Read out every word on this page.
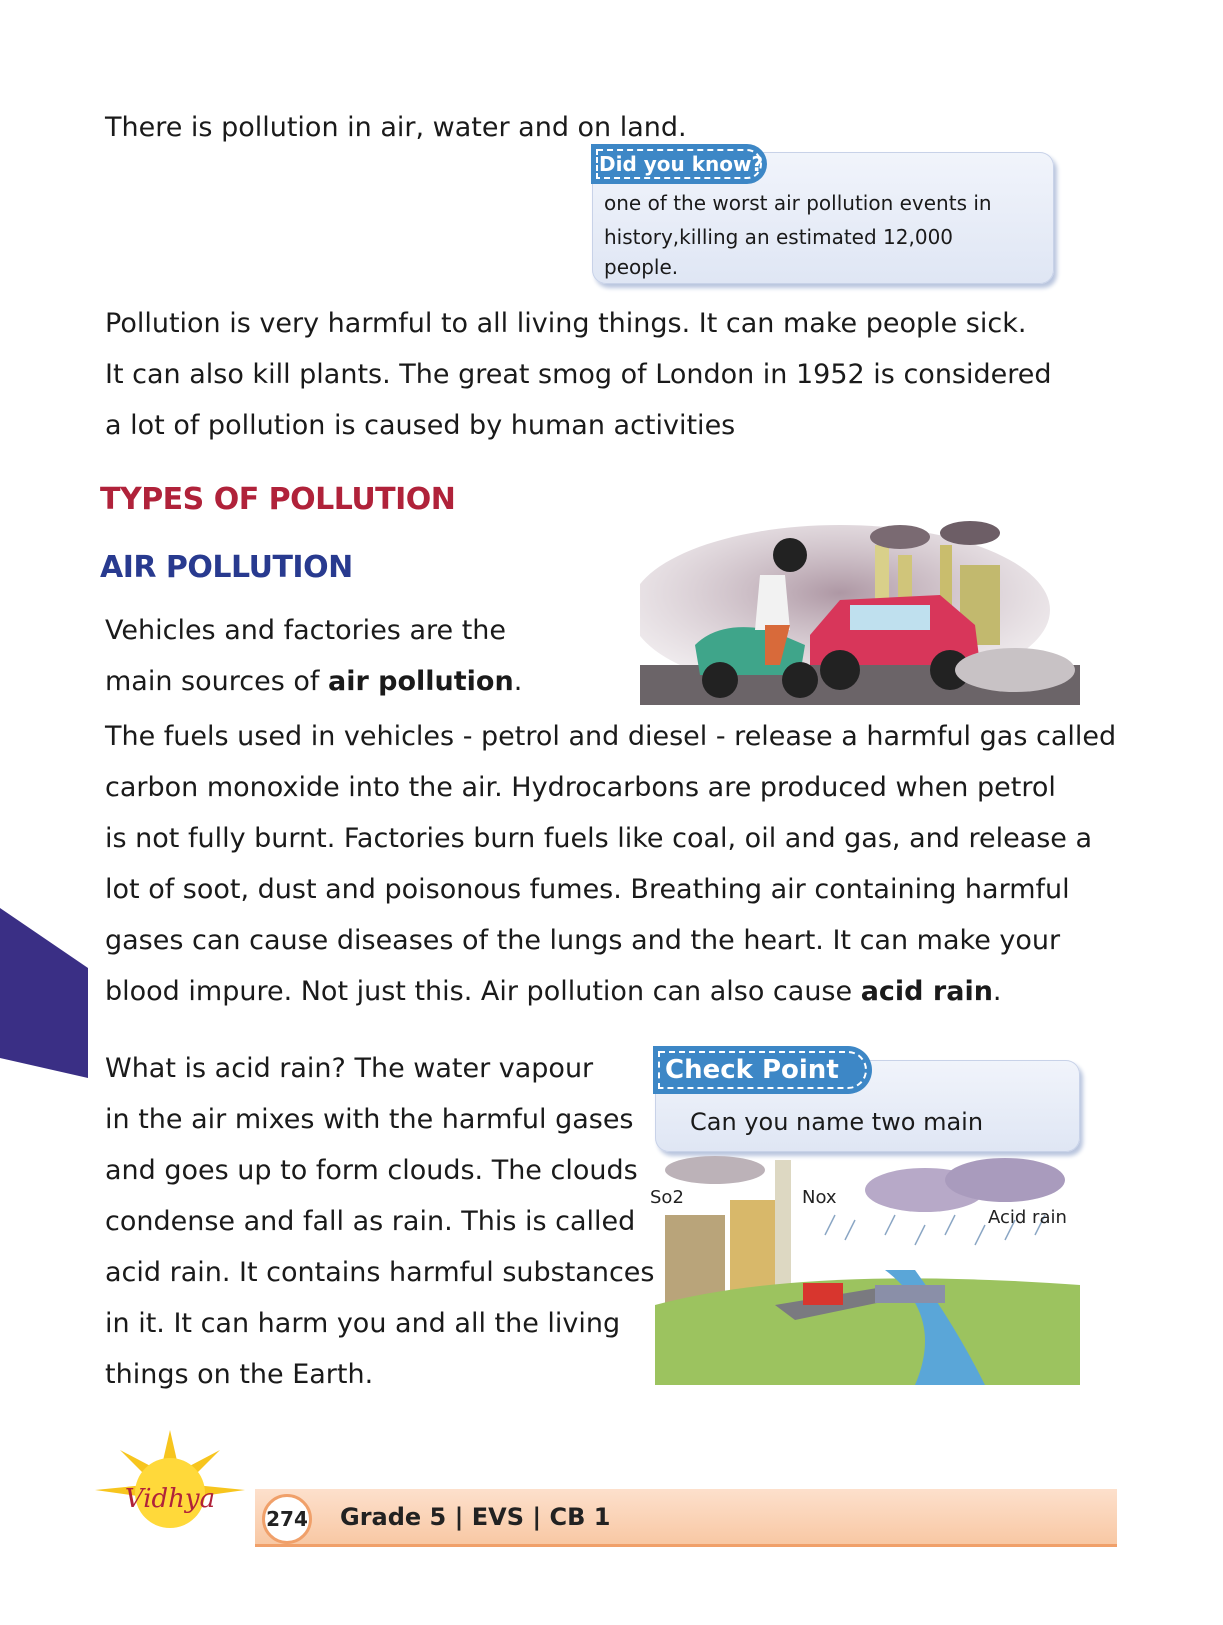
There is pollution in air, water and on land.

Did you know?
one of the worst air pollution events in
history,killing an estimated 12,000
people.
Pollution is very harmful to all living things. It can make people sick.
It can also kill plants. The great smog of London in 1952 is considered
a lot of pollution is caused by human activities
TYPES OF POLLUTION
AIR POLLUTION
Vehicles and factories are the
main sources of air pollution.
The fuels used in vehicles - petrol and diesel - release a harmful gas called
carbon monoxide into the air. Hydrocarbons are produced when petrol
is not fully burnt. Factories burn fuels like coal, oil and gas, and release a
lot of soot, dust and poisonous fumes. Breathing air containing harmful
gases can cause diseases of the lungs and the heart. It can make your
blood impure. Not just this. Air pollution can also cause acid rain.
What is acid rain? The water vapour
in the air mixes with the harmful gases
and goes up to form clouds. The clouds
condense and fall as rain. This is called
acid rain. It contains harmful substances
in it. It can harm you and all the living
things on the Earth.
Check Point
Can you name two main
So2	Nox
Acid rain
Vidhya
274 Grade 5 | EVS | CB 1
